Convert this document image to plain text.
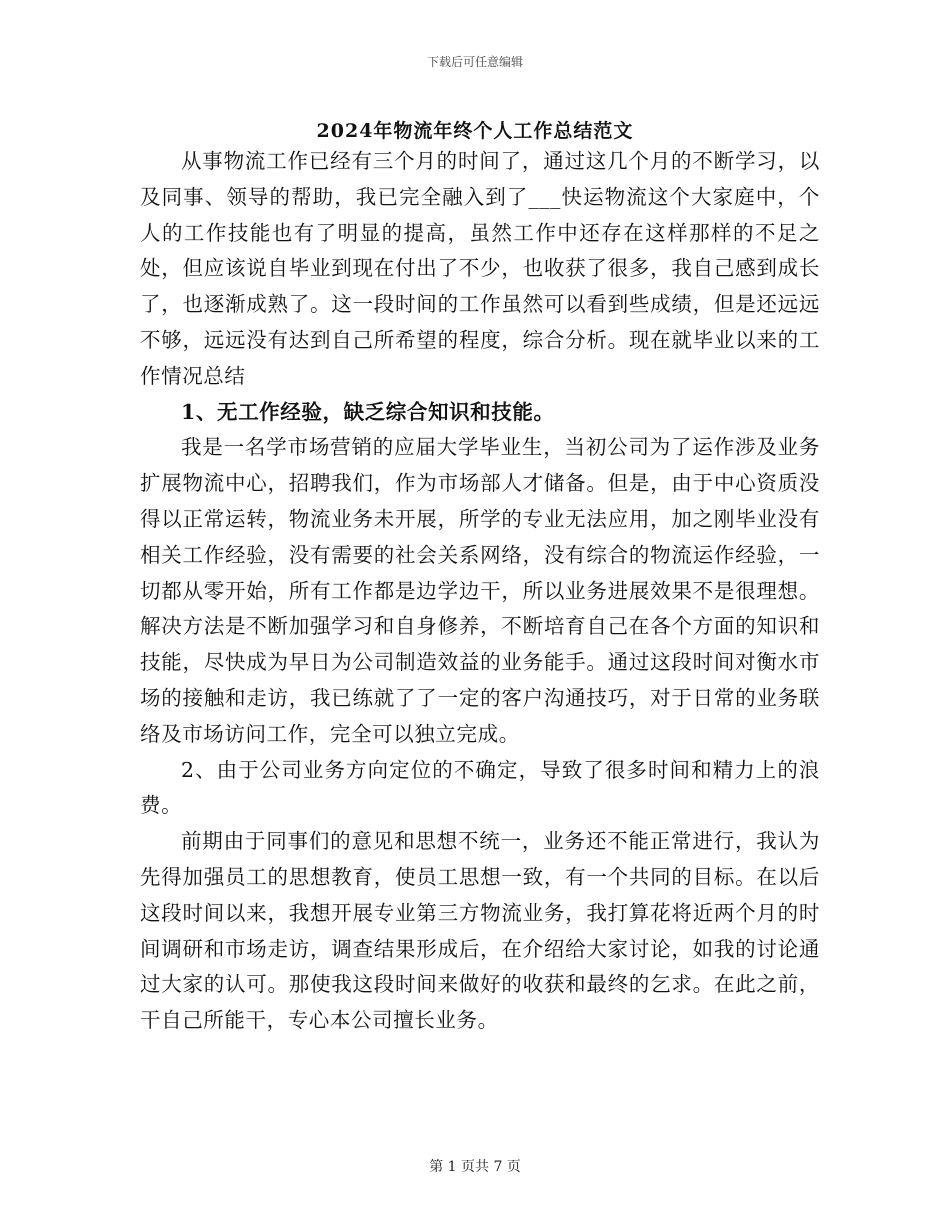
下载后可任意编辑
2024年物流年终个人工作总结范文

从事物流工作已经有三个月的时间了，通过这几个月的不断学习，以及同事、领导的帮助，我已完全融入到了___快运物流这个大家庭中，个人的工作技能也有了明显的提高，虽然工作中还存在这样那样的不足之处，但应该说自毕业到现在付出了不少，也收获了很多，我自己感到成长了，也逐渐成熟了。这一段时间的工作虽然可以看到些成绩，但是还远远不够，远远没有达到自己所希望的程度，综合分析。现在就毕业以来的工作情况总结

1、无工作经验，缺乏综合知识和技能。

我是一名学市场营销的应届大学毕业生，当初公司为了运作涉及业务扩展物流中心，招聘我们，作为市场部人才储备。但是，由于中心资质没得以正常运转，物流业务未开展，所学的专业无法应用，加之刚毕业没有相关工作经验，没有需要的社会关系网络，没有综合的物流运作经验，一切都从零开始，所有工作都是边学边干，所以业务进展效果不是很理想。解决方法是不断加强学习和自身修养，不断培育自己在各个方面的知识和技能，尽快成为早日为公司制造效益的业务能手。通过这段时间对衡水市场的接触和走访，我已练就了了一定的客户沟通技巧，对于日常的业务联络及市场访问工作，完全可以独立完成。

2、由于公司业务方向定位的不确定，导致了很多时间和精力上的浪费。

前期由于同事们的意见和思想不统一，业务还不能正常进行，我认为先得加强员工的思想教育，使员工思想一致，有一个共同的目标。在以后这段时间以来，我想开展专业第三方物流业务，我打算花将近两个月的时间调研和市场走访，调查结果形成后，在介绍给大家讨论，如我的讨论通过大家的认可。那使我这段时间来做好的收获和最终的乞求。在此之前，干自己所能干，专心本公司擅长业务。

第 1 页共 7 页
